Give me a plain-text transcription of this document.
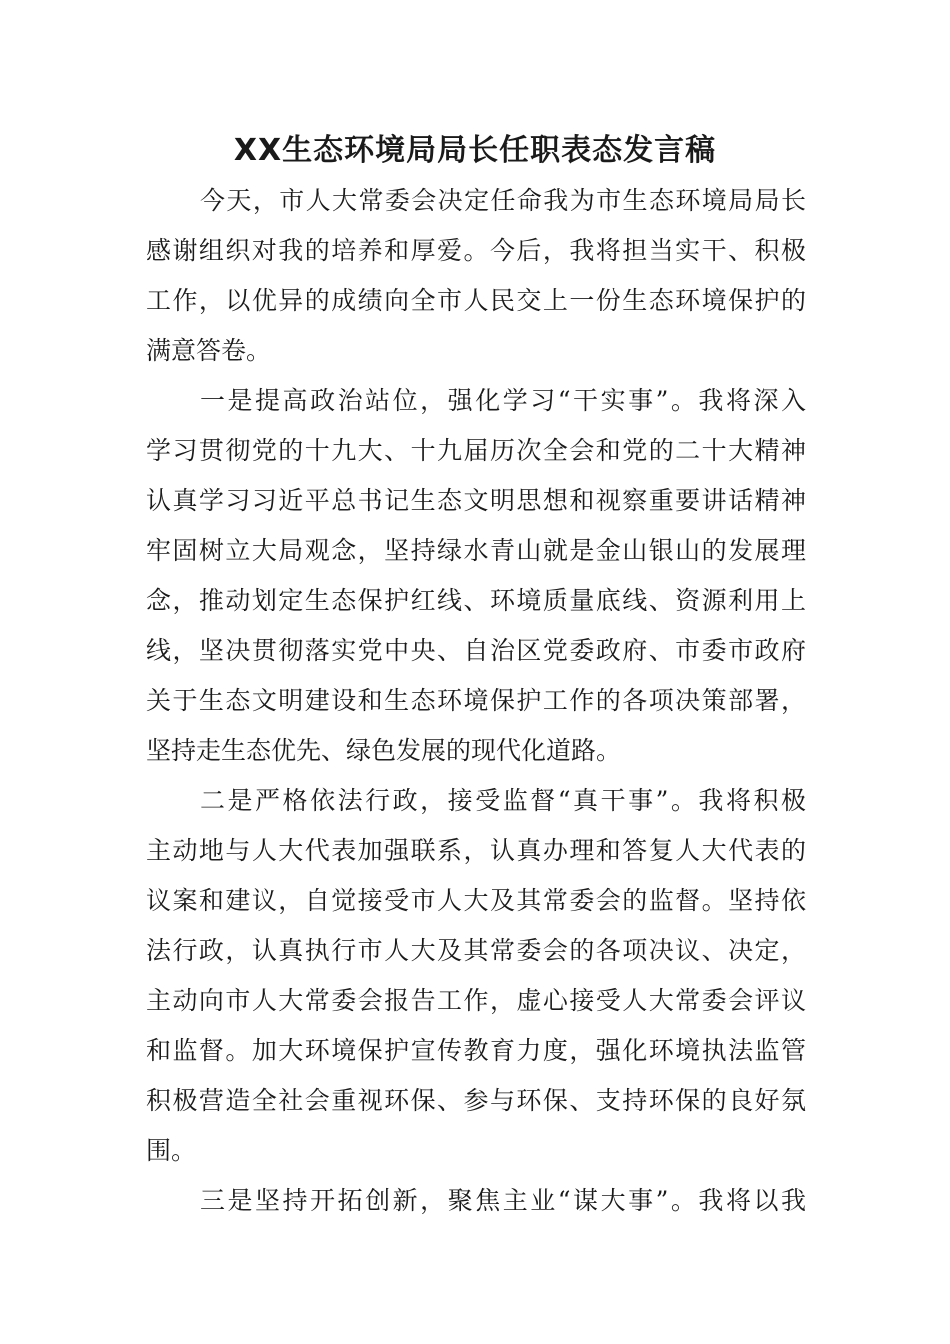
XX生态环境局局长任职表态发言稿
今天，市人大常委会决定任命我为市生态环境局局长
感谢组织对我的培养和厚爱。今后，我将担当实干、积极
工作，以优异的成绩向全市人民交上一份生态环境保护的
满意答卷。
一是提高政治站位，强化学习“干实事”。我将深入
学习贯彻党的十九大、十九届历次全会和党的二十大精神
认真学习习近平总书记生态文明思想和视察重要讲话精神
牢固树立大局观念，坚持绿水青山就是金山银山的发展理
念，推动划定生态保护红线、环境质量底线、资源利用上
线，坚决贯彻落实党中央、自治区党委政府、市委市政府
关于生态文明建设和生态环境保护工作的各项决策部署，
坚持走生态优先、绿色发展的现代化道路。
二是严格依法行政，接受监督“真干事”。我将积极
主动地与人大代表加强联系，认真办理和答复人大代表的
议案和建议，自觉接受市人大及其常委会的监督。坚持依
法行政，认真执行市人大及其常委会的各项决议、决定，
主动向市人大常委会报告工作，虚心接受人大常委会评议
和监督。加大环境保护宣传教育力度，强化环境执法监管
积极营造全社会重视环保、参与环保、支持环保的良好氛
围。
三是坚持开拓创新，聚焦主业“谋大事”。我将以我
